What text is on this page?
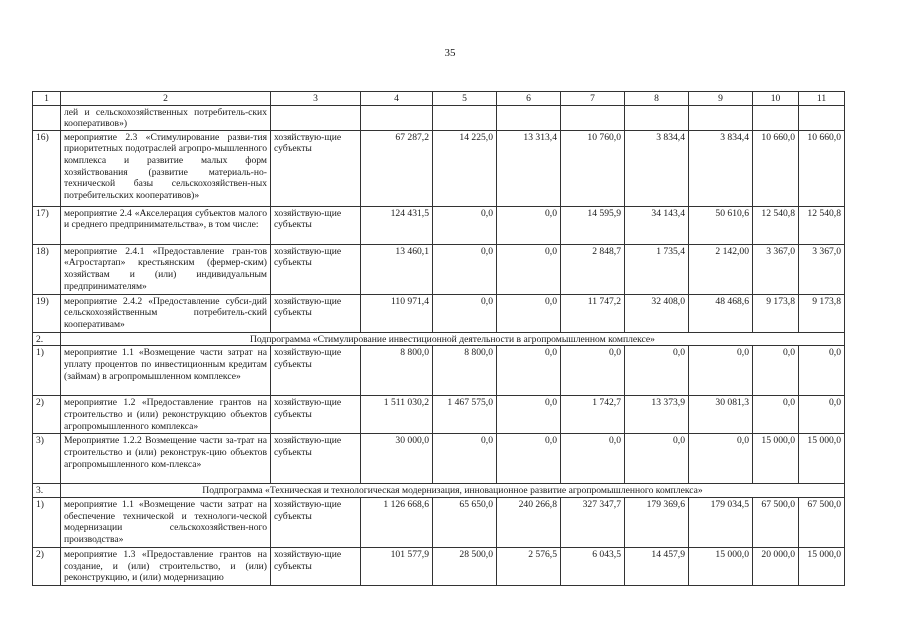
35
1	2	3	4	5	6	7	8	9	10	11
	лей и сельскохозяйственных потребитель-ских кооперативов»)									
16)	мероприятие 2.3 «Стимулирование разви-тия приоритетных подотраслей агропро-мышленного комплекса и развитие малых форм хозяйствования (развитие материаль-но-технической базы сельскохозяйствен-ных потребительских кооперативов)»	хозяйствую-щие субъекты	67 287,2	14 225,0	13 313,4	10 760,0	3 834,4	3 834,4	10 660,0	10 660,0
17)	мероприятие 2.4 «Акселерация субъектов малого и среднего предпринимательства», в том числе:	хозяйствую-щие субъекты	124 431,5	0,0	0,0	14 595,9	34 143,4	50 610,6	12 540,8	12 540,8
18)	мероприятие 2.4.1 «Предоставление гран-тов «Агростартап» крестьянским (фермер-ским) хозяйствам и (или) индивидуальным предпринимателям»	хозяйствую-щие субъекты	13 460,1	0,0	0,0	2 848,7	1 735,4	2 142,00	3 367,0	3 367,0
19)	мероприятие 2.4.2 «Предоставление субси-дий сельскохозяйственным потребитель-ский кооперативам»	хозяйствую-щие субъекты	110 971,4	0,0	0,0	11 747,2	32 408,0	48 468,6	9 173,8	9 173,8
2.	Подпрограмма «Стимулирование инвестиционной деятельности в агропромышленном комплексе»									
1)	мероприятие 1.1 «Возмещение части затрат на уплату процентов по инвестиционным кредитам (займам) в агропромышленном комплексе»	хозяйствую-щие субъекты	8 800,0	8 800,0	0,0	0,0	0,0	0,0	0,0	0,0
2)	мероприятие 1.2 «Предоставление грантов на строительство и (или) реконструкцию объектов агропромышленного комплекса»	хозяйствую-щие субъекты	1 511 030,2	1 467 575,0	0,0	1 742,7	13 373,9	30 081,3	0,0	0,0
3)	Мероприятие 1.2.2 Возмещение части за-трат на строительство и (или) реконструк-цию объектов агропромышленного ком-плекса»	хозяйствую-щие субъекты	30 000,0	0,0	0,0	0,0	0,0	0,0	15 000,0	15 000,0
3.	Подпрограмма «Техническая и технологическая модернизация, инновационное развитие агропромышленного комплекса»									
1)	мероприятие 1.1 «Возмещение части затрат на обеспечение технической и технологи-ческой модернизации сельскохозяйствен-ного производства»	хозяйствую-щие субъекты	1 126 668,6	65 650,0	240 266,8	327 347,7	179 369,6	179 034,5	67 500,0	67 500,0
2)	мероприятие 1.3 «Предоставление грантов на создание, и (или) строительство, и (или) реконструкцию, и (или) модернизацию	хозяйствую-щие субъекты	101 577,9	28 500,0	2 576,5	6 043,5	14 457,9	15 000,0	20 000,0	15 000,0
